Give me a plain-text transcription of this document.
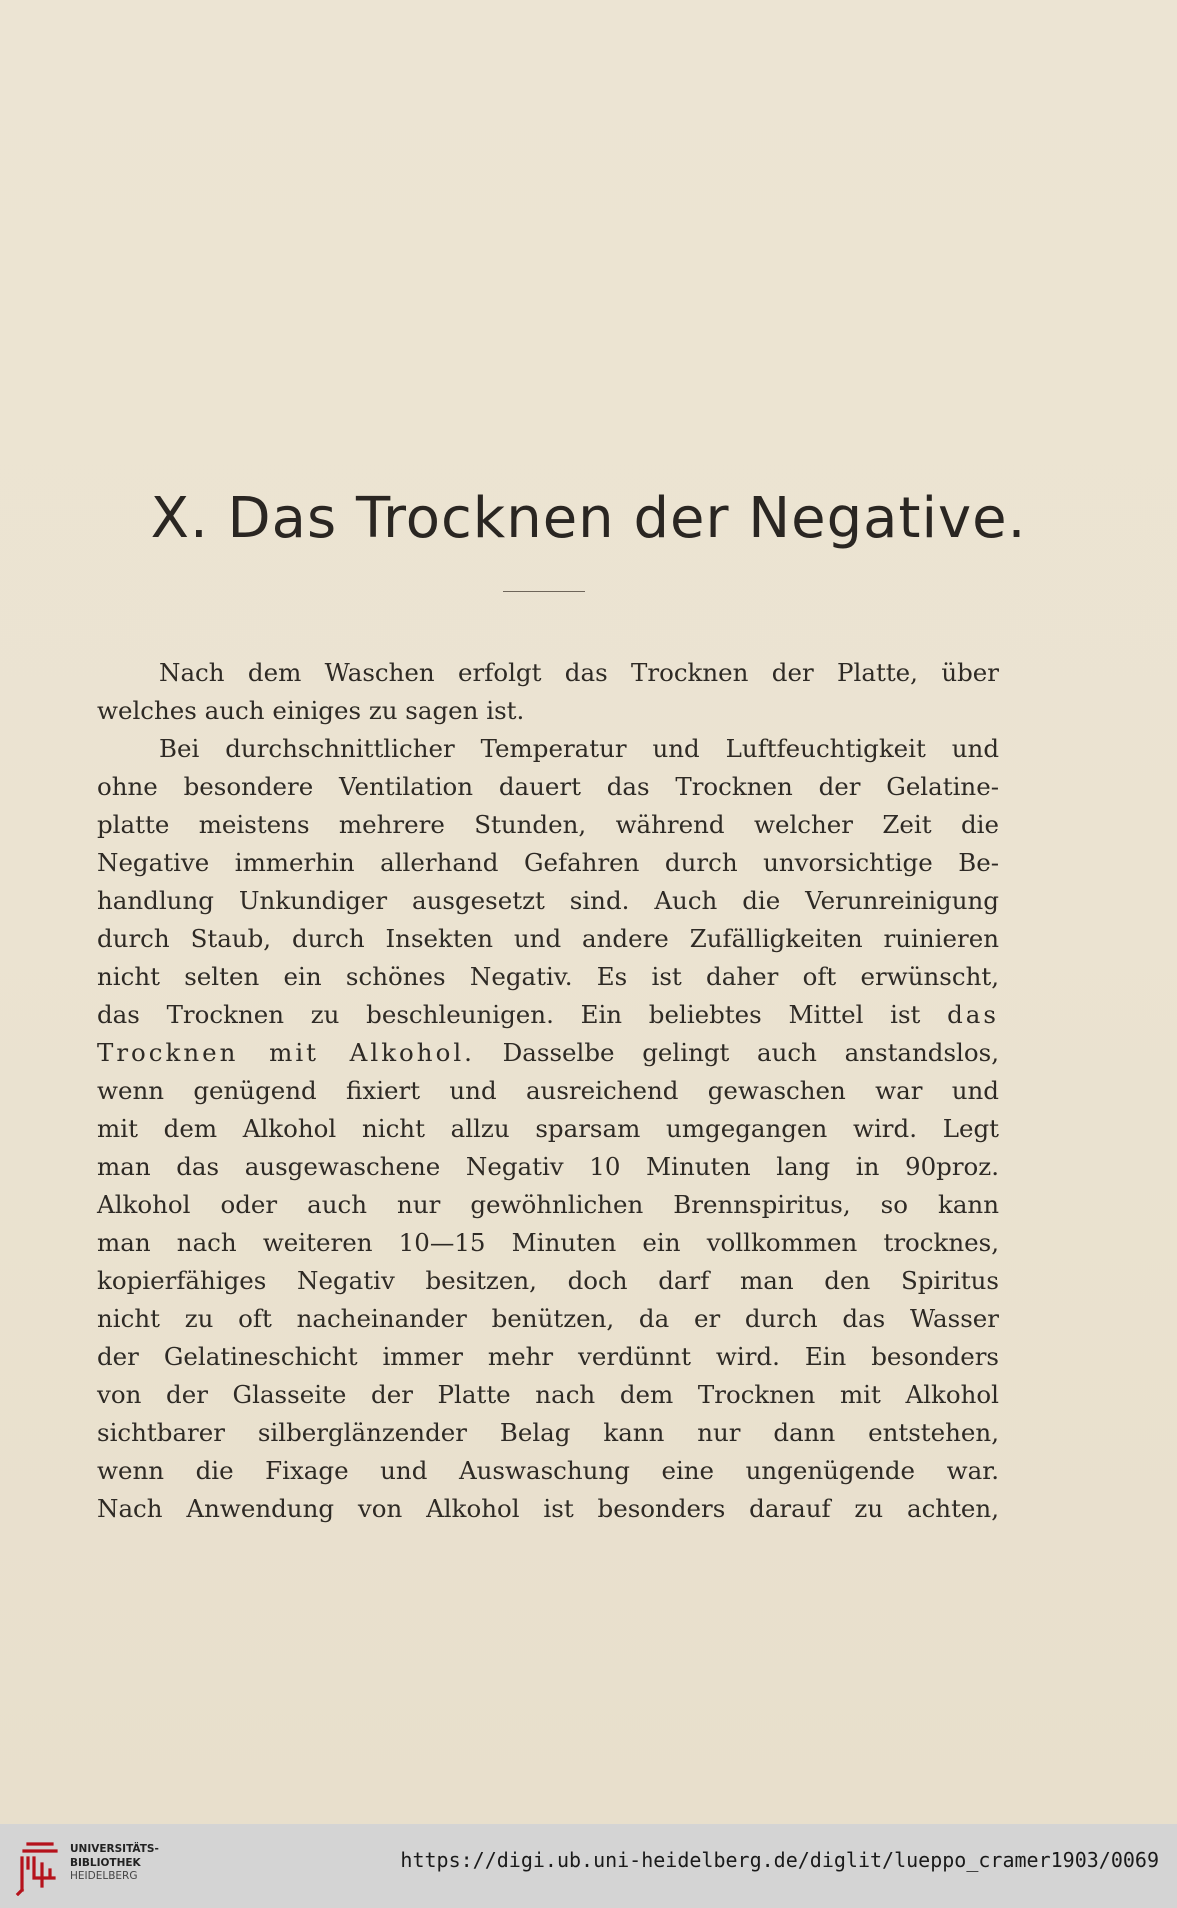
X. Das Trocknen der Negative.
Nach dem Waschen erfolgt das Trocknen der Platte, über
welches auch einiges zu sagen ist.
Bei durchschnittlicher Temperatur und Luftfeuchtigkeit und
ohne besondere Ventilation dauert das Trocknen der Gelatine-
platte meistens mehrere Stunden, während welcher Zeit die
Negative immerhin allerhand Gefahren durch unvorsichtige Be-
handlung Unkundiger ausgesetzt sind. Auch die Verunreinigung
durch Staub, durch Insekten und andere Zufälligkeiten ruinieren
nicht selten ein schönes Negativ. Es ist daher oft erwünscht,
das Trocknen zu beschleunigen. Ein beliebtes Mittel ist das
Trocknen mit Alkohol. Dasselbe gelingt auch anstandslos,
wenn genügend fixiert und ausreichend gewaschen war und
mit dem Alkohol nicht allzu sparsam umgegangen wird. Legt
man das ausgewaschene Negativ 10 Minuten lang in 90proz.
Alkohol oder auch nur gewöhnlichen Brennspiritus, so kann
man nach weiteren 10—15 Minuten ein vollkommen trocknes,
kopierfähiges Negativ besitzen, doch darf man den Spiritus
nicht zu oft nacheinander benützen, da er durch das Wasser
der Gelatineschicht immer mehr verdünnt wird. Ein besonders
von der Glasseite der Platte nach dem Trocknen mit Alkohol
sichtbarer silberglänzender Belag kann nur dann entstehen,
wenn die Fixage und Auswaschung eine ungenügende war.
Nach Anwendung von Alkohol ist besonders darauf zu achten,
UNIVERSITÄTS-
BIBLIOTHEK
HEIDELBERG
https://digi.ub.uni-heidelberg.de/diglit/lueppo_cramer1903/0069
